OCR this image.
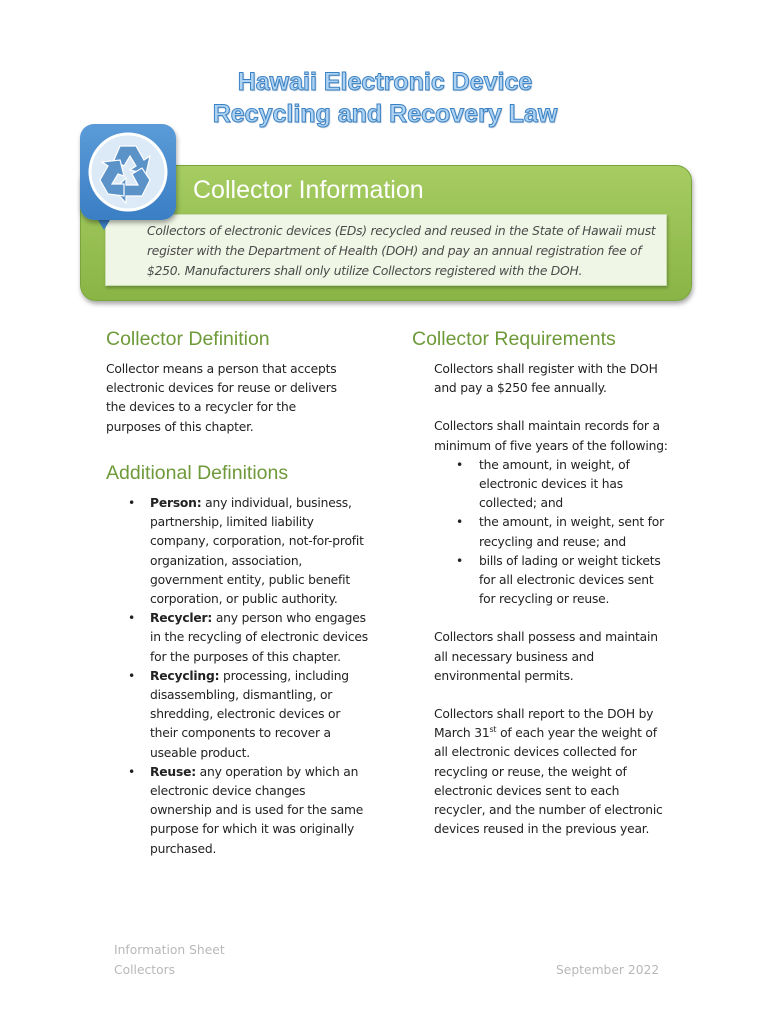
Hawaii Electronic Device
Recycling and Recovery Law
Collector Information
Collectors of electronic devices (EDs) recycled and reused in the State of Hawaii must register with the Department of Health (DOH) and pay an annual registration fee of $250. Manufacturers shall only utilize Collectors registered with the DOH.
Collector Definition
Collector means a person that accepts electronic devices for reuse or delivers the devices to a recycler for the purposes of this chapter.
Additional Definitions
• Person: any individual, business, partnership, limited liability company, corporation, not-for-profit organization, association, government entity, public benefit corporation, or public authority.
• Recycler: any person who engages in the recycling of electronic devices for the purposes of this chapter.
• Recycling: processing, including disassembling, dismantling, or shredding, electronic devices or their components to recover a useable product.
• Reuse: any operation by which an electronic device changes ownership and is used for the same purpose for which it was originally purchased.
Collector Requirements

Collectors shall register with the DOH and pay a $250 fee annually.

Collectors shall maintain records for a minimum of five years of the following:

• the amount, in weight, of electronic devices it has collected; and
• the amount, in weight, sent for recycling and reuse; and
• bills of lading or weight tickets for all electronic devices sent for recycling or reuse.

Collectors shall possess and maintain all necessary business and environmental permits.

Collectors shall report to the DOH by March 31st of each year the weight of all electronic devices collected for recycling or reuse, the weight of electronic devices sent to each recycler, and the number of electronic devices reused in the previous year.

Information Sheet
Collectors	September 2022
